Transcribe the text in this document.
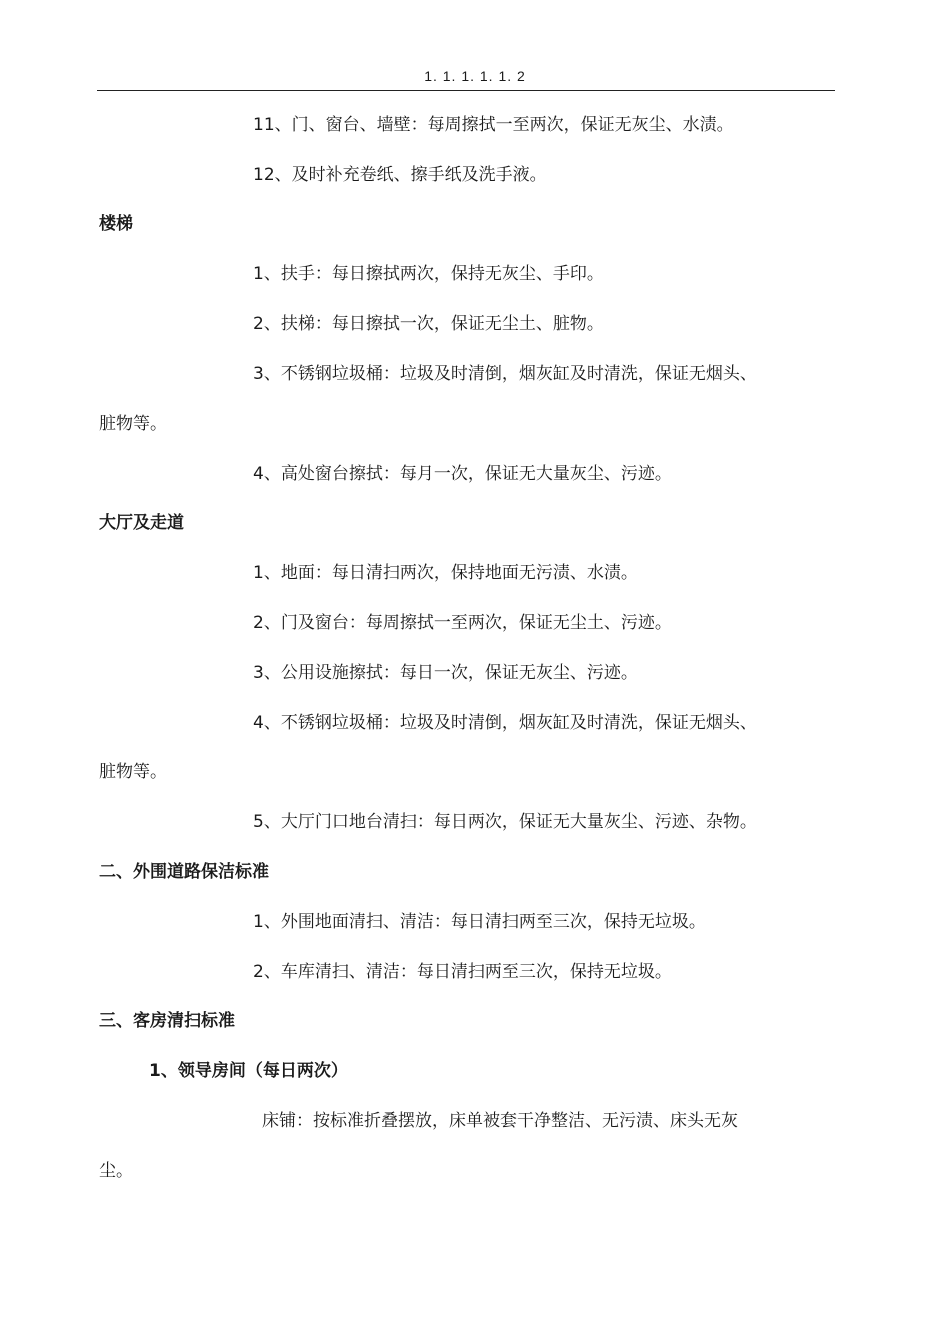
1. 1. 1. 1. 1. 2
11、门、窗台、墙壁：每周擦拭一至两次，保证无灰尘、水渍。
12、及时补充卷纸、擦手纸及洗手液。
楼梯
1、扶手：每日擦拭两次，保持无灰尘、手印。
2、扶梯：每日擦拭一次，保证无尘土、脏物。
3、不锈钢垃圾桶：垃圾及时清倒，烟灰缸及时清洗，保证无烟头、
脏物等。
4、高处窗台擦拭：每月一次，保证无大量灰尘、污迹。
大厅及走道
1、地面：每日清扫两次，保持地面无污渍、水渍。
2、门及窗台：每周擦拭一至两次，保证无尘土、污迹。
3、公用设施擦拭：每日一次，保证无灰尘、污迹。
4、不锈钢垃圾桶：垃圾及时清倒，烟灰缸及时清洗，保证无烟头、
脏物等。
5、大厅门口地台清扫：每日两次，保证无大量灰尘、污迹、杂物。
二、外围道路保洁标准
1、外围地面清扫、清洁：每日清扫两至三次，保持无垃圾。
2、车库清扫、清洁：每日清扫两至三次，保持无垃圾。
三、客房清扫标准
1、领导房间（每日两次）
床铺：按标准折叠摆放，床单被套干净整洁、无污渍、床头无灰
尘。
